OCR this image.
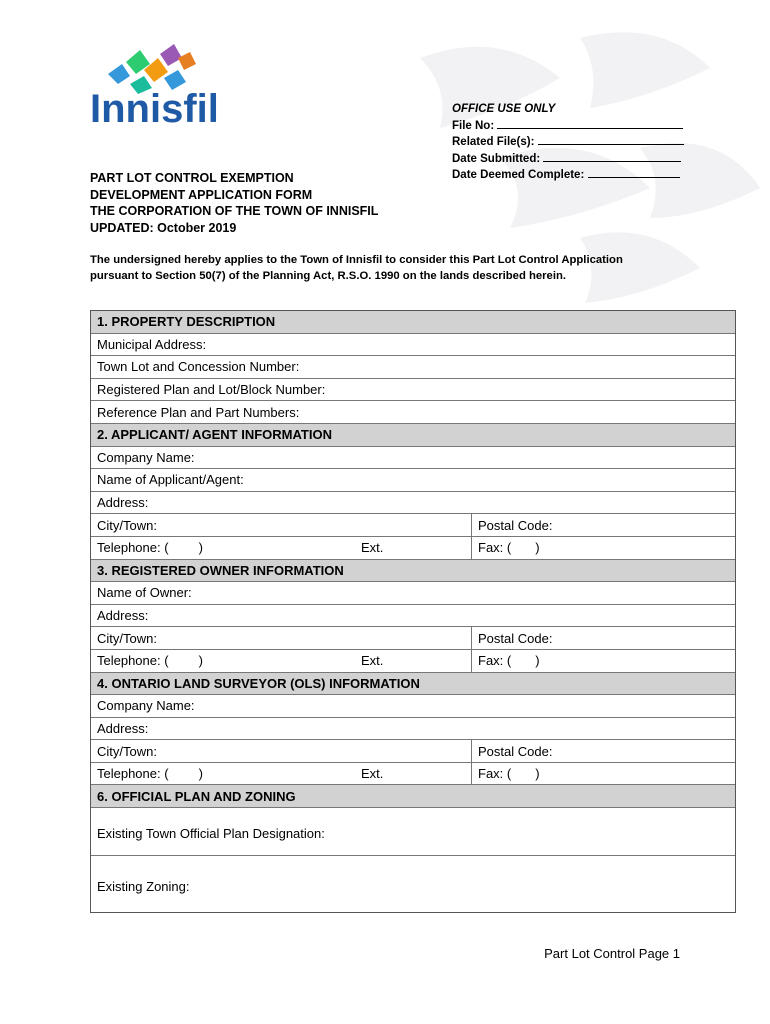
Innisfil	OFFICE USE ONLY
File No:
Related File(s):
Date Submitted:
Date Deemed Complete:
PART LOT CONTROL EXEMPTION
DEVELOPMENT APPLICATION FORM
THE CORPORATION OF THE TOWN OF INNISFIL
UPDATED: October 2019
The undersigned hereby applies to the Town of Innisfil to consider this Part Lot Control Application pursuant to Section 50(7) of the Planning Act, R.S.O. 1990 on the lands described herein.
1. PROPERTY DESCRIPTION
Municipal Address:
Town Lot and Concession Number:
Registered Plan and Lot/Block Number:
Reference Plan and Part Numbers:
2. APPLICANT/ AGENT INFORMATION
Company Name:
Name of Applicant/Agent:
Address:
City/Town:	Postal Code:
Telephone: ( )	Ext.	Fax: ( )
3. REGISTERED OWNER INFORMATION
Name of Owner:
Address:
City/Town:	Postal Code:
Telephone: ( )	Ext.	Fax: ( )
4. ONTARIO LAND SURVEYOR (OLS) INFORMATION
Company Name:
Address:
City/Town:	Postal Code:
Telephone: ( )	Ext.	Fax: ( )
6. OFFICIAL PLAN AND ZONING
Existing Town Official Plan Designation:
Existing Zoning:
Part Lot Control Page 1
